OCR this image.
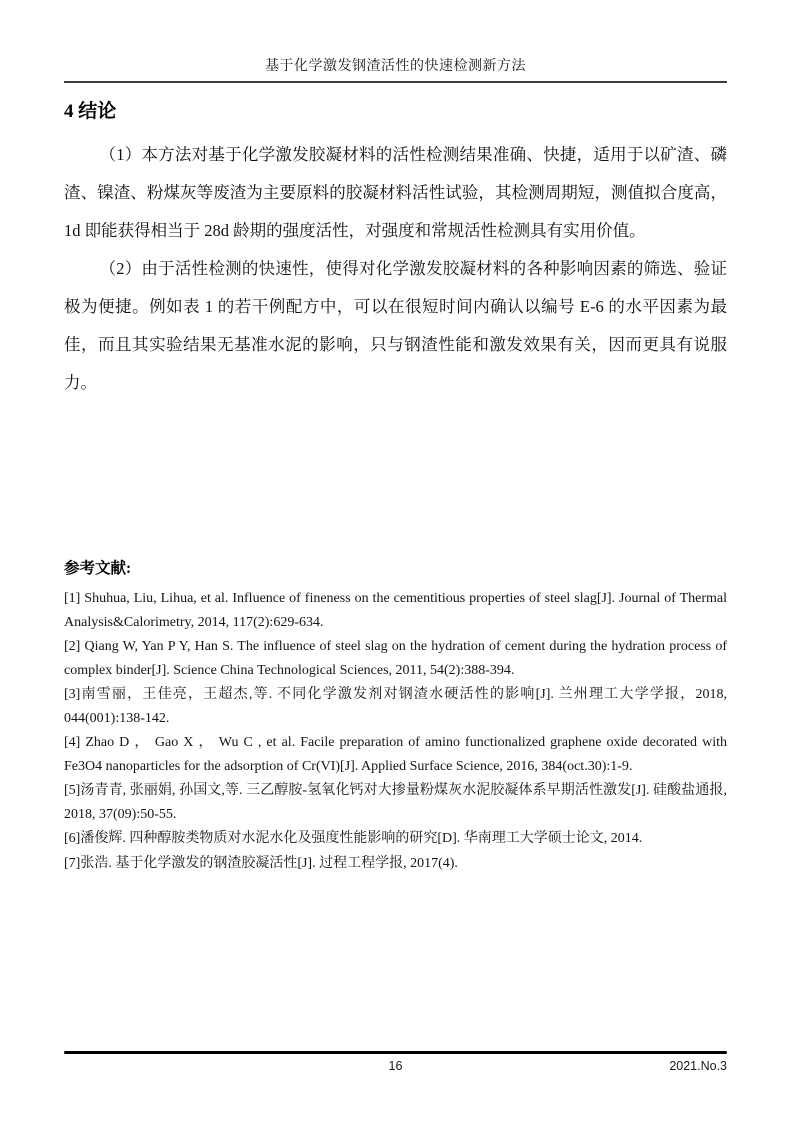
基于化学激发钢渣活性的快速检测新方法
4 结论

（1）本方法对基于化学激发胶凝材料的活性检测结果准确、快捷，适用于以矿渣、磷渣、镍渣、粉煤灰等废渣为主要原料的胶凝材料活性试验，其检测周期短，测值拟合度高，1d 即能获得相当于 28d 龄期的强度活性，对强度和常规活性检测具有实用价值。

（2）由于活性检测的快速性，使得对化学激发胶凝材料的各种影响因素的筛选、验证极为便捷。例如表 1 的若干例配方中，可以在很短时间内确认以编号 E-6 的水平因素为最佳，而且其实验结果无基准水泥的影响，只与钢渣性能和激发效果有关，因而更具有说服力。

参考文献:

[1] Shuhua, Liu, Lihua, et al. Influence of fineness on the cementitious properties of steel slag[J]. Journal of Thermal Analysis&Calorimetry, 2014, 117(2):629-634.

[2] Qiang W, Yan P Y, Han S. The influence of steel slag on the hydration of cement during the hydration process of complex binder[J]. Science China Technological Sciences, 2011, 54(2):388-394.

[3]南雪丽，王佳亮，王超杰,等. 不同化学激发剂对钢渣水硬活性的影响[J]. 兰州理工大学学报，2018, 044(001):138-142.

[4] Zhao D ， Gao X ， Wu C , et al. Facile preparation of amino functionalized graphene oxide decorated with Fe3O4 nanoparticles for the adsorption of Cr(VI)[J]. Applied Surface Science, 2016, 384(oct.30):1-9.

[5]汤青青, 张丽娟, 孙国文,等. 三乙醇胺-氢氧化钙对大掺量粉煤灰水泥胶凝体系早期活性激发[J]. 硅酸盐通报, 2018, 37(09):50-55.

[6]潘俊辉. 四种醇胺类物质对水泥水化及强度性能影响的研究[D]. 华南理工大学硕士论文, 2014.

[7]张浩. 基于化学激发的钢渣胶凝活性[J]. 过程工程学报, 2017(4).

16	2021.No.3
